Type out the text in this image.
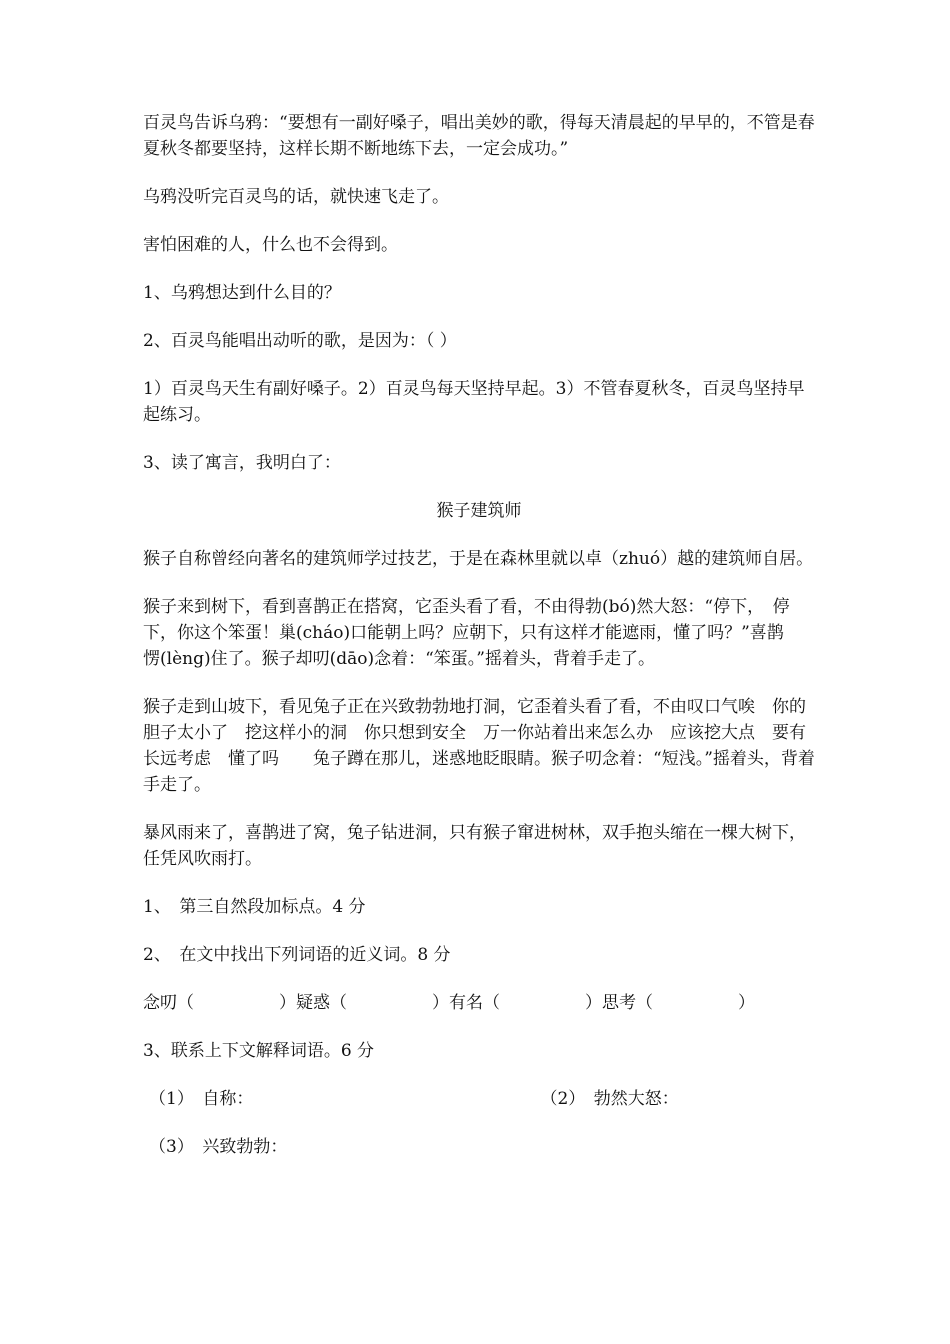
百灵鸟告诉乌鸦：“要想有一副好嗓子，唱出美妙的歌，得每天清晨起的早早的，不管是春夏秋冬都要坚持，这样长期不断地练下去，一定会成功。”

乌鸦没听完百灵鸟的话，就快速飞走了。

害怕困难的人，什么也不会得到。

1、乌鸦想达到什么目的？

2、百灵鸟能唱出动听的歌，是因为：（ ）

1）百灵鸟天生有副好嗓子。2）百灵鸟每天坚持早起。3）不管春夏秋冬，百灵鸟坚持早起练习。

3、读了寓言，我明白了：

猴子建筑师

猴子自称曾经向著名的建筑师学过技艺，于是在森林里就以卓（zhuó）越的建筑师自居。

猴子来到树下，看到喜鹊正在搭窝，它歪头看了看，不由得勃(bó)然大怒：“停下，　停下，你这个笨蛋！巢(cháo)口能朝上吗？应朝下，只有这样才能遮雨，懂了吗？”喜鹊　愣(lèng)住了。猴子却叨(dāo)念着：“笨蛋。”摇着头，背着手走了。

猴子走到山坡下，看见兔子正在兴致勃勃地打洞，它歪着头看了看，不由叹口气唉　你的胆子太小了　挖这样小的洞　你只想到安全　万一你站着出来怎么办　应该挖大点　要有长远考虑　懂了吗　　兔子蹲在那儿，迷惑地眨眼睛。猴子叨念着：“短浅。”摇着头，背着手走了。

暴风雨来了，喜鹊进了窝，兔子钻进洞，只有猴子窜进树林，双手抱头缩在一棵大树下，任凭风吹雨打。

1、　第三自然段加标点。4 分

2、　在文中找出下列词语的近义词。8 分

念叨（　　　　　）疑惑（　　　　　）有名（　　　　　）思考（　　　　　）

3、联系上下文解释词语。6 分

（1）　自称：	（2）　勃然大怒：
（3）　兴致勃勃：
